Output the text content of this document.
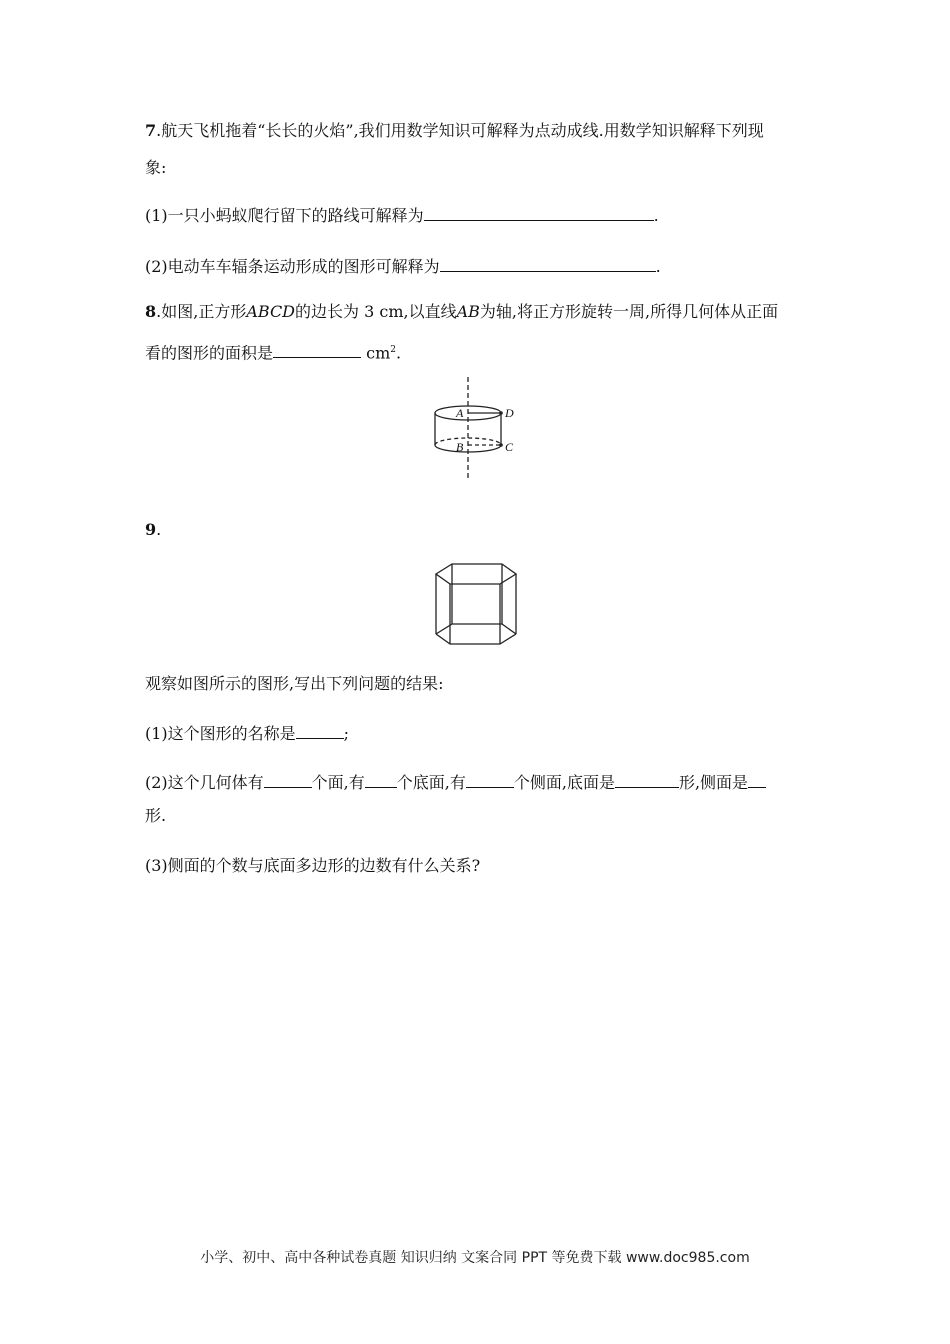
7.航天飞机拖着“长长的火焰”,我们用数学知识可解释为点动成线.用数学知识解释下列现
象:
(1)一只小蚂蚁爬行留下的路线可解释为	.
(2)电动车车辐条运动形成的图形可解释为	.
8.如图,正方形ABCD的边长为 3 cm,以直线AB为轴,将正方形旋转一周,所得几何体从正面
看的图形的面积是	$cm^2$.
A	D
B	C
9.
观察如图所示的图形,写出下列问题的结果:
(1)这个图形的名称是	;
(2)这个几何体有	个面,有 个底面,有	个侧面,底面是	形,侧面是
形.
(3)侧面的个数与底面多边形的边数有什么关系?
小学、初中、高中各种试卷真题 知识归纳 文案合同 PPT 等免费下载 www.doc985.com
